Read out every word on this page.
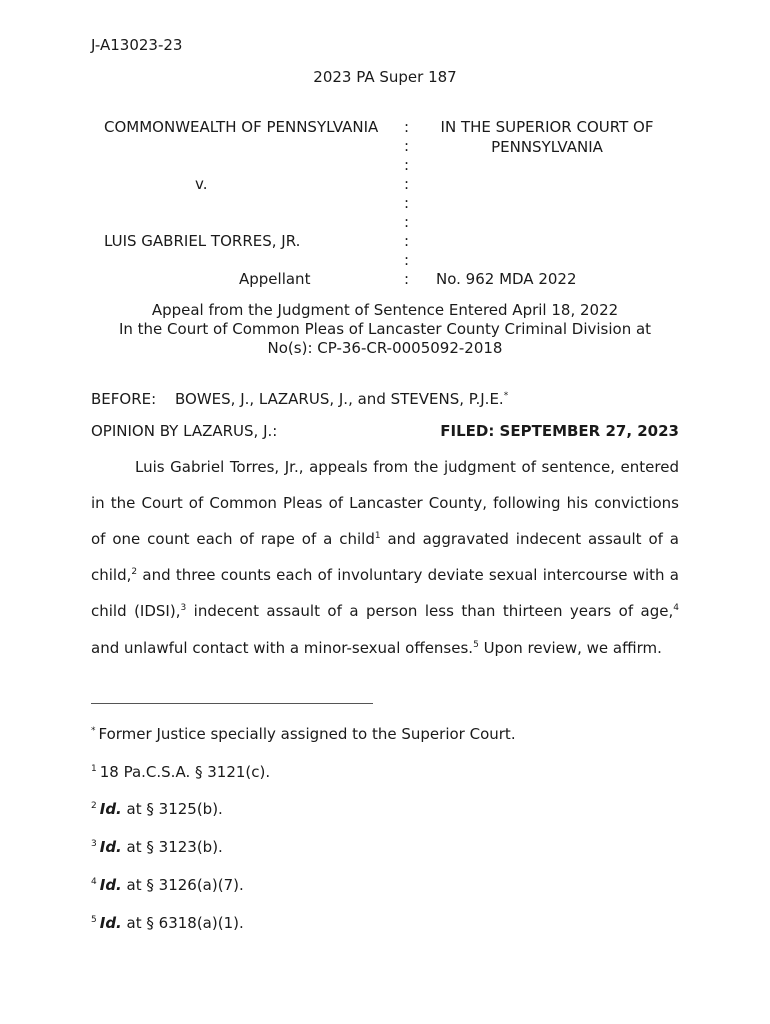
J-A13023-23
2023 PA Super 187
COMMONWEALTH OF PENNSYLVANIA
v.
LUIS GABRIEL TORRES, JR.
Appellant
:
:
:
:
:
:
:
:
:
IN THE SUPERIOR COURT OF
PENNSYLVANIA
No. 962 MDA 2022
Appeal from the Judgment of Sentence Entered April 18, 2022
In the Court of Common Pleas of Lancaster County Criminal Division at
No(s): CP-36-CR-0005092-2018
BEFORE: BOWES, J., LAZARUS, J., and STEVENS, P.J.E.*
OPINION BY LAZARUS, J.:	FILED: SEPTEMBER 27, 2023
Luis Gabriel Torres, Jr., appeals from the judgment of sentence, entered
in the Court of Common Pleas of Lancaster County, following his convictions
of one count each of rape of a child$^1$ and aggravated indecent assault of a
child,$^2$ and three counts each of involuntary deviate sexual intercourse with a
child (IDSI),$^3$ indecent assault of a person less than thirteen years of age,$^4$
and unlawful contact with a minor-sexual offenses.$^5$ Upon review, we affirm.
* Former Justice specially assigned to the Superior Court.
$^1$ 18 Pa.C.S.A. § 3121(c).
$^2$ Id. at § 3125(b).
$^3$ Id. at § 3123(b).
$^4$ Id. at § 3126(a)(7).
$^5$ Id. at § 6318(a)(1).
